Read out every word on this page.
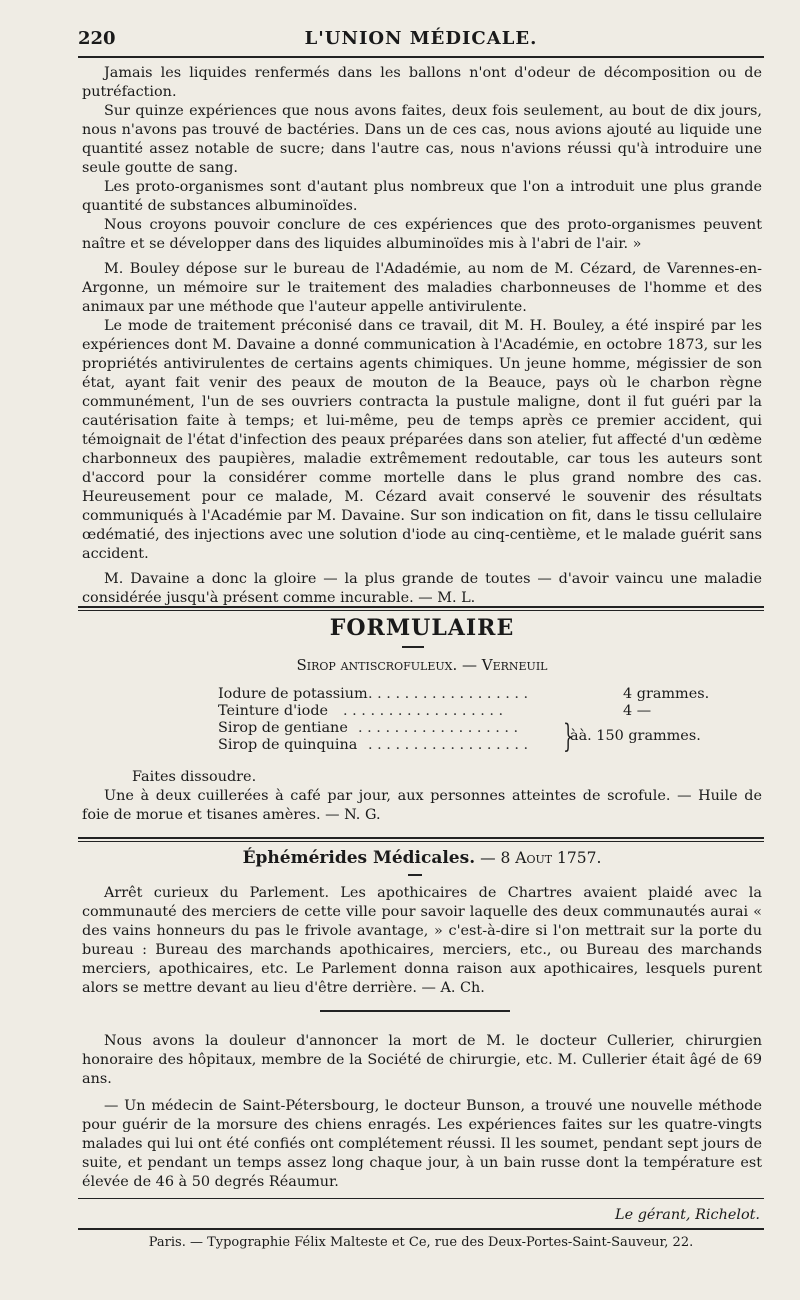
220	L'UNION MÉDICALE.

Jamais les liquides renfermés dans les ballons n'ont d'odeur de décomposition ou de putréfaction.

Sur quinze expériences que nous avons faites, deux fois seulement, au bout de dix jours, nous n'avons pas trouvé de bactéries. Dans un de ces cas, nous avions ajouté au liquide une quantité assez notable de sucre; dans l'autre cas, nous n'avions réussi qu'à introduire une seule goutte de sang.

Les proto-organismes sont d'autant plus nombreux que l'on a introduit une plus grande quantité de substances albuminoïdes.

Nous croyons pouvoir conclure de ces expériences que des proto-organismes peuvent naître et se développer dans des liquides albuminoïdes mis à l'abri de l'air. »

M. Bouley dépose sur le bureau de l'Adadémie, au nom de M. Cézard, de Varennes-en-Argonne, un mémoire sur le traitement des maladies charbonneuses de l'homme et des animaux par une méthode que l'auteur appelle antivirulente.

Le mode de traitement préconisé dans ce travail, dit M. H. Bouley, a été inspiré par les expériences dont M. Davaine a donné communication à l'Académie, en octobre 1873, sur les propriétés antivirulentes de certains agents chimiques. Un jeune homme, mégissier de son état, ayant fait venir des peaux de mouton de la Beauce, pays où le charbon règne communément, l'un de ses ouvriers contracta la pustule maligne, dont il fut guéri par la cautérisation faite à temps; et lui-même, peu de temps après ce premier accident, qui témoignait de l'état d'infection des peaux préparées dans son atelier, fut affecté d'un œdème charbonneux des paupières, maladie extrêmement redoutable, car tous les auteurs sont d'accord pour la considérer comme mortelle dans le plus grand nombre des cas. Heureusement pour ce malade, M. Cézard avait conservé le souvenir des résultats communiqués à l'Académie par M. Davaine. Sur son indication on fit, dans le tissu cellulaire œdématié, des injections avec une solution d'iode au cinq-centième, et le malade guérit sans accident.

M. Davaine a donc la gloire — la plus grande de toutes — d'avoir vaincu une maladie considérée jusqu'à présent comme incurable. — M. L.

FORMULAIRE
Sirop antiscrofuleux. — Verneuil
Iodure de potassium . . . . . . . . . . . . . . . . . .	4 grammes.
Teinture d'iode . . . . . . . . . . . . . . . . . .	4 —
Sirop de gentiane . . . . . . . . . . . . . . . . . .
Sirop de quinquina . . . . . . . . . . . . . . . . . . }
àà. 150 grammes.

Faites dissoudre.

Une à deux cuillerées à café par jour, aux personnes atteintes de scrofule. — Huile de foie de morue et tisanes amères. — N. G.

Éphémérides Médicales. — 8 Aout 1757.

Arrêt curieux du Parlement. Les apothicaires de Chartres avaient plaidé avec la communauté des merciers de cette ville pour savoir laquelle des deux communautés aurai « des vains honneurs du pas le frivole avantage, » c'est-à-dire si l'on mettrait sur la porte du bureau : Bureau des marchands apothicaires, merciers, etc., ou Bureau des marchands merciers, apothicaires, etc. Le Parlement donna raison aux apothicaires, lesquels purent alors se mettre devant au lieu d'être derrière. — A. Ch.

Nous avons la douleur d'annoncer la mort de M. le docteur Cullerier, chirurgien honoraire des hôpitaux, membre de la Société de chirurgie, etc. M. Cullerier était âgé de 69 ans.

— Un médecin de Saint-Pétersbourg, le docteur Bunson, a trouvé une nouvelle méthode pour guérir de la morsure des chiens enragés. Les expériences faites sur les quatre-vingts malades qui lui ont été confiés ont complétement réussi. Il les soumet, pendant sept jours de suite, et pendant un temps assez long chaque jour, à un bain russe dont la température est élevée de 46 à 50 degrés Réaumur.

Le gérant, Richelot.
Paris. — Typographie Félix Malteste et Ce, rue des Deux-Portes-Saint-Sauveur, 22.
